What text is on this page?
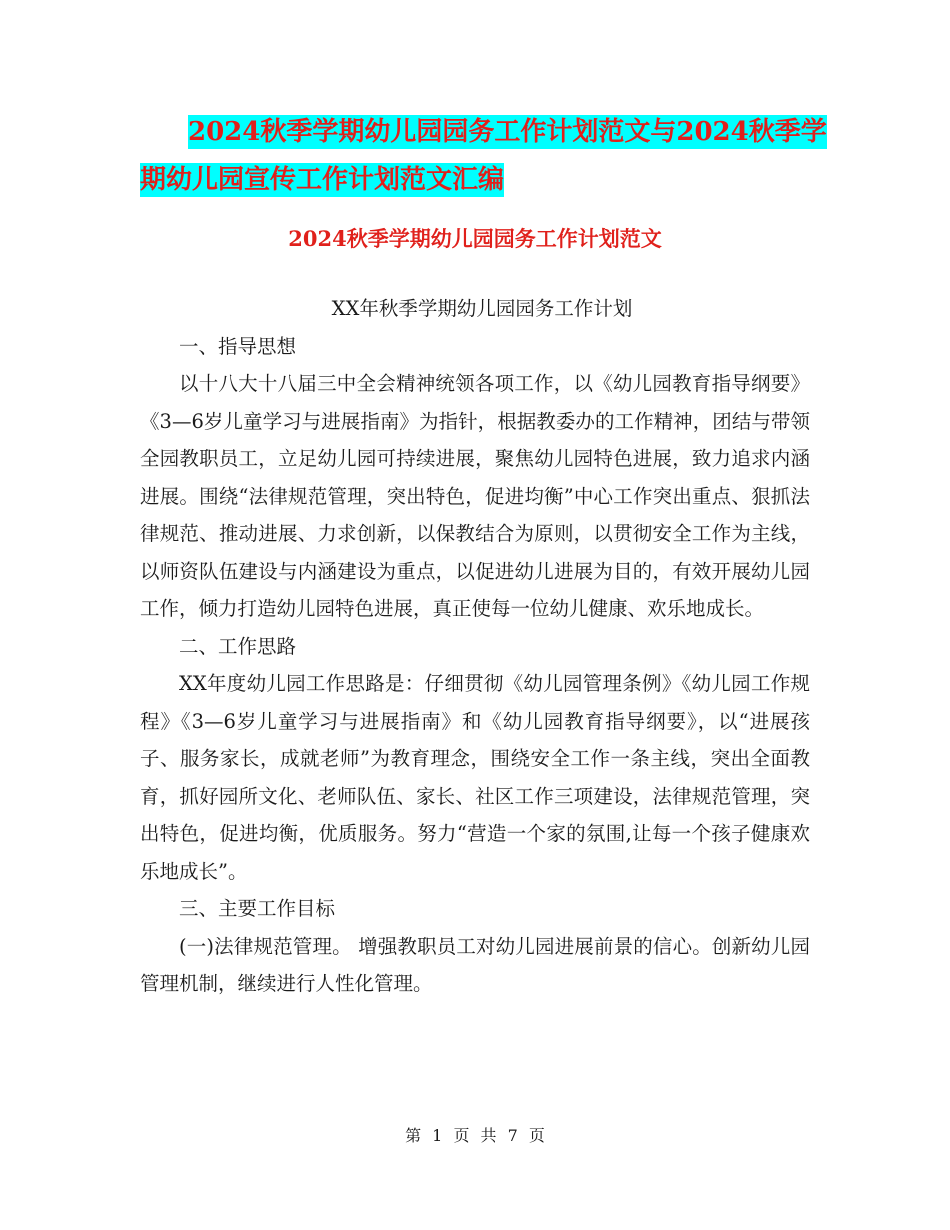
2024秋季学期幼儿园园务工作计划范文与2024秋季学
期幼儿园宣传工作计划范文汇编
2024秋季学期幼儿园园务工作计划范文

XX年秋季学期幼儿园园务工作计划

一、指导思想

以十八大十八届三中全会精神统领各项工作，以《幼儿园教育指导纲要》《3—6岁儿童学习与进展指南》为指针，根据教委办的工作精神，团结与带领全园教职员工，立足幼儿园可持续进展，聚焦幼儿园特色进展，致力追求内涵进展。围绕“法律规范管理，突出特色，促进均衡”中心工作突出重点、狠抓法律规范、推动进展、力求创新，以保教结合为原则，以贯彻安全工作为主线，以师资队伍建设与内涵建设为重点，以促进幼儿进展为目的，有效开展幼儿园工作，倾力打造幼儿园特色进展，真正使每一位幼儿健康、欢乐地成长。

二、工作思路

XX年度幼儿园工作思路是：仔细贯彻《幼儿园管理条例》《幼儿园工作规程》《3—6岁儿童学习与进展指南》和《幼儿园教育指导纲要》，以“进展孩子、服务家长，成就老师”为教育理念，围绕安全工作一条主线，突出全面教育，抓好园所文化、老师队伍、家长、社区工作三项建设，法律规范管理，突出特色，促进均衡，优质服务。努力“营造一个家的氛围,让每一个孩子健康欢乐地成长”。

三、主要工作目标

(一)法律规范管理。 增强教职员工对幼儿园进展前景的信心。创新幼儿园管理机制，继续进行人性化管理。

第 1 页 共 7 页
